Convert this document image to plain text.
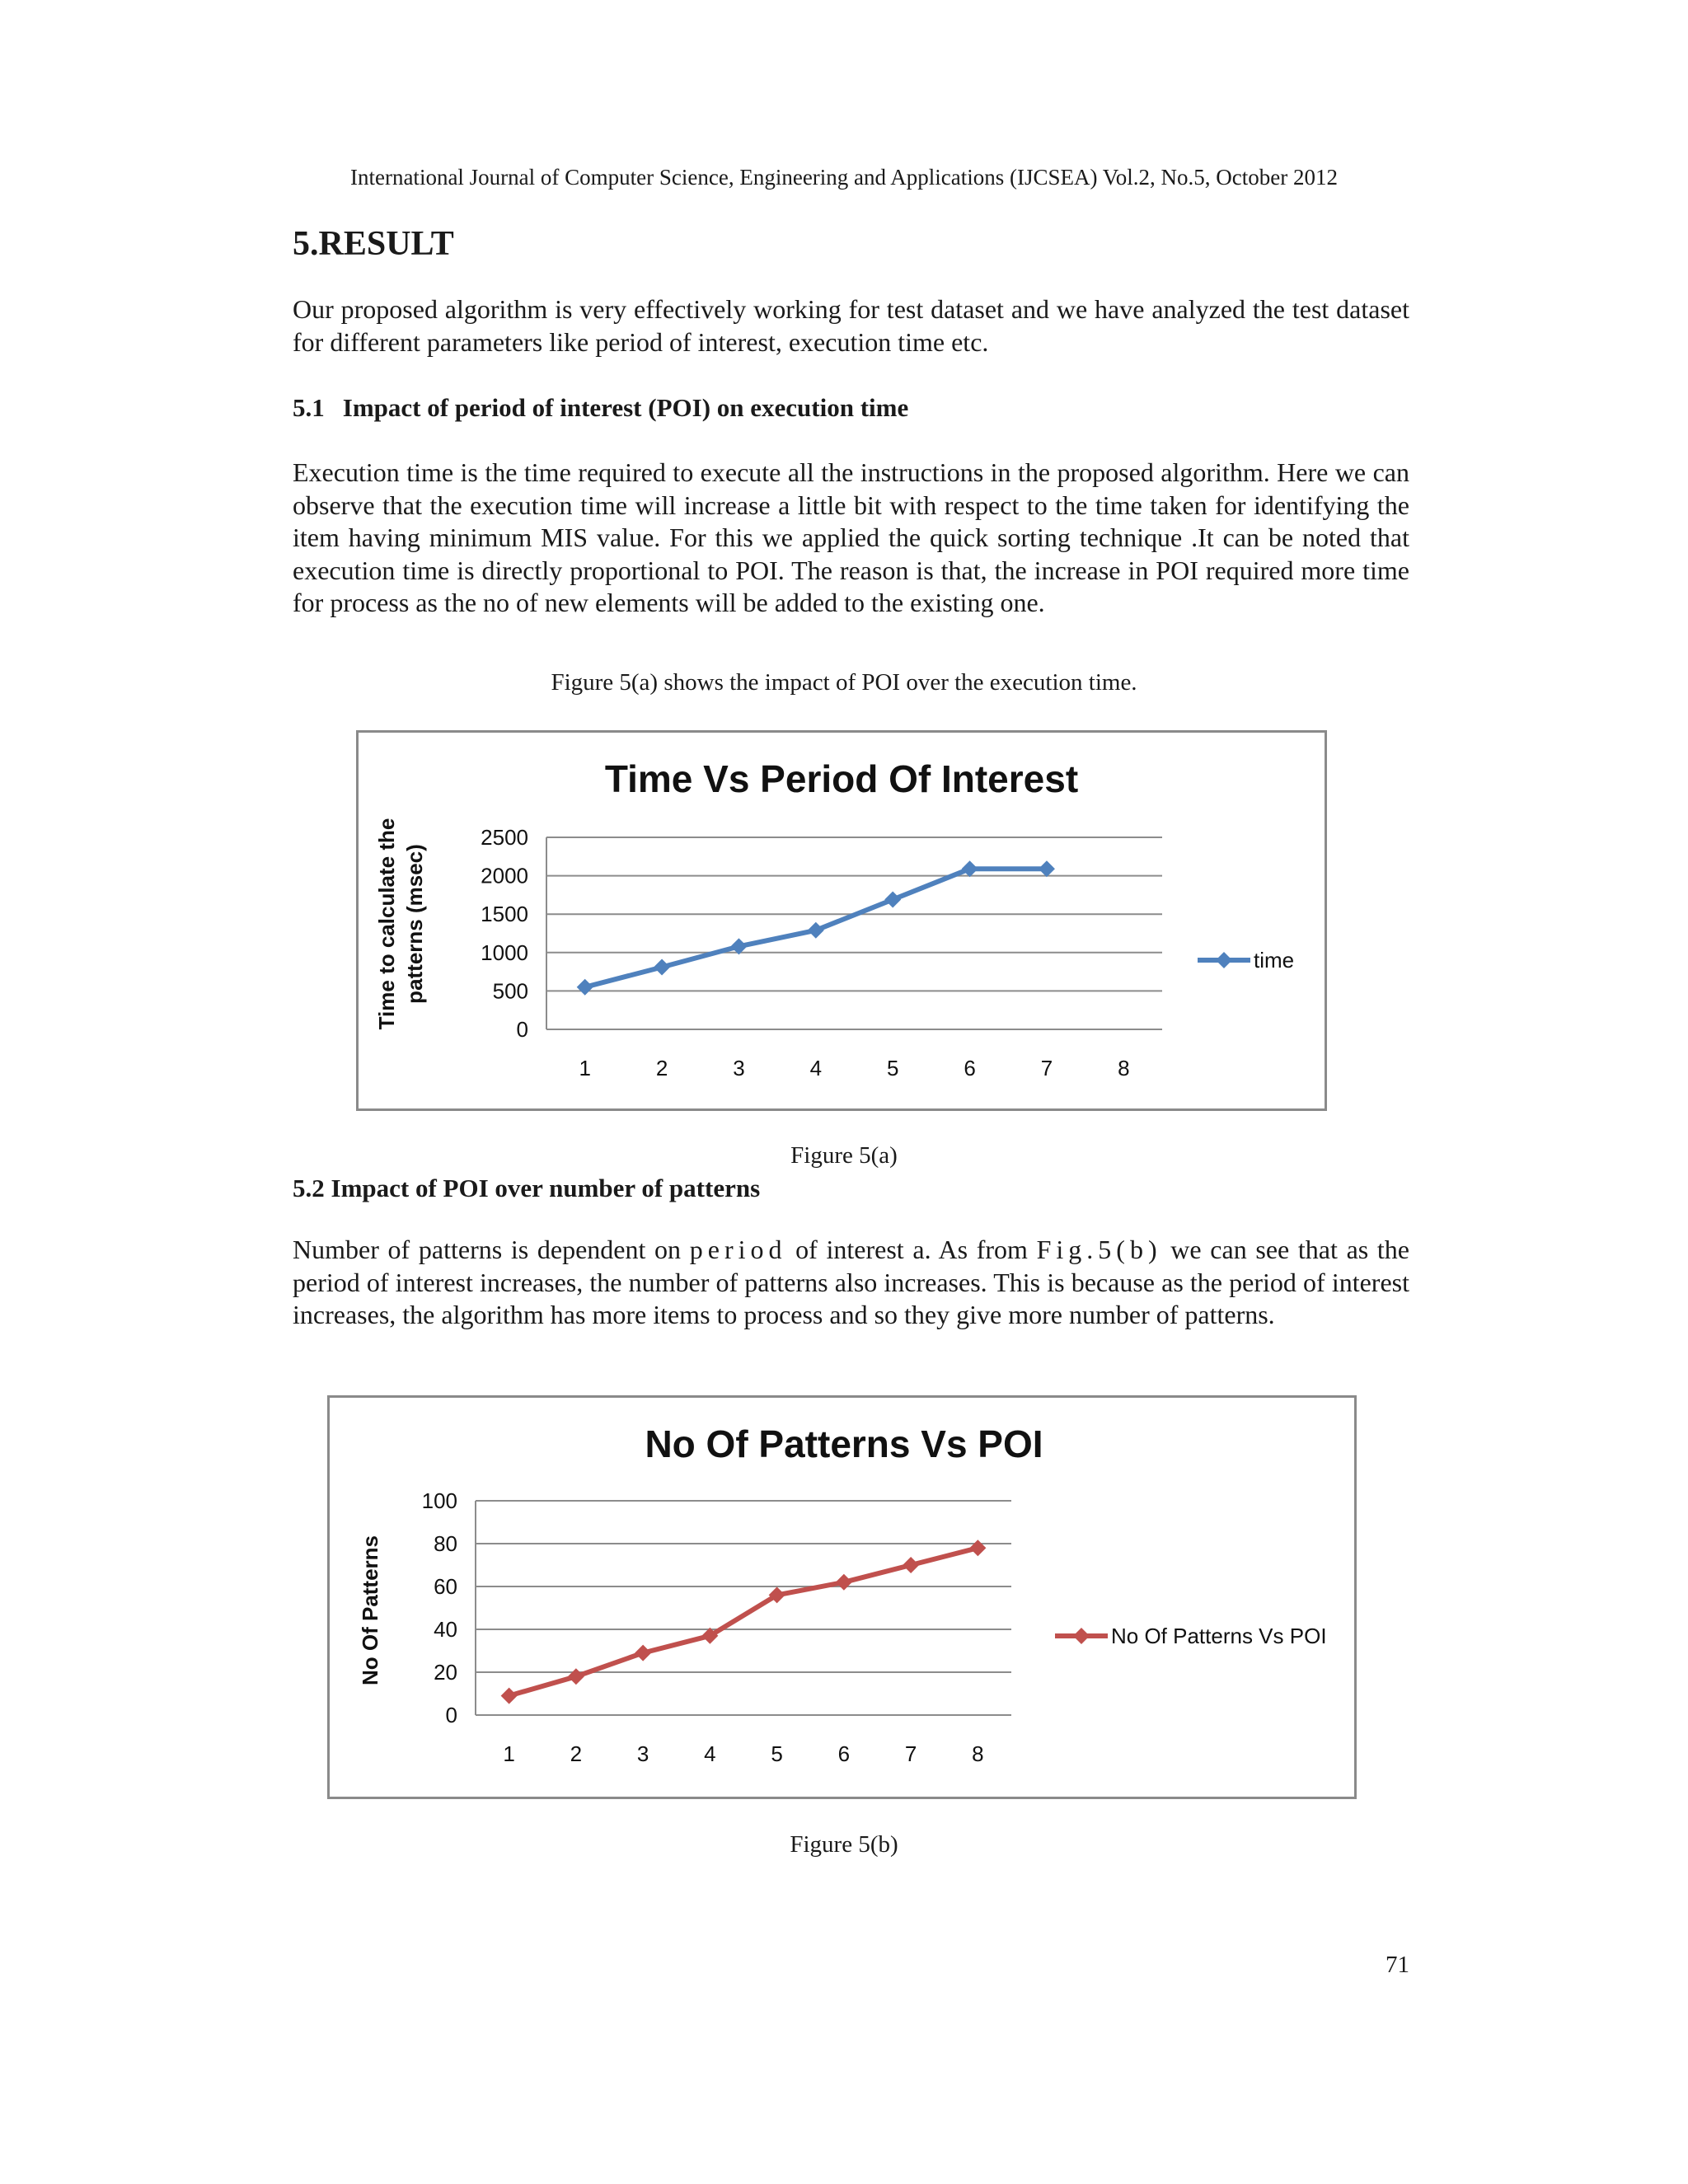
International Journal of Computer Science, Engineering and Applications (IJCSEA) Vol.2, No.5, October 2012
5.RESULT
Our proposed algorithm is very effectively working for test dataset and we have analyzed the test dataset for different parameters like period of interest, execution time etc.
5.1 Impact of period of interest (POI) on execution time
Execution time is the time required to execute all the instructions in the proposed algorithm. Here we can observe that the execution time will increase a little bit with respect to the time taken for identifying the item having minimum MIS value. For this we applied the quick sorting technique .It can be noted that execution time is directly proportional to POI. The reason is that, the increase in POI required more time for process as the no of new elements will be added to the existing one.
Figure 5(a) shows the impact of POI over the execution time.
Time Vs Period Of Interest
Time to calculate the patterns (msec)
0
500
1000
1500
2000
2500
1	2	3	4	5	6	7	8
time
Figure 5(a)
5.2 Impact of POI over number of patterns
Number of patterns is dependent on period of interest a. As from Fig.5(b) we can see that as the period of interest increases, the number of patterns also increases. This is because as the period of interest increases, the algorithm has more items to process and so they give more number of patterns.
No Of Patterns Vs POI
No Of Patterns
0
20
40
60
80
100
1	2	3	4	5	6	7	8
No Of Patterns Vs POI
Figure 5(b)
71
